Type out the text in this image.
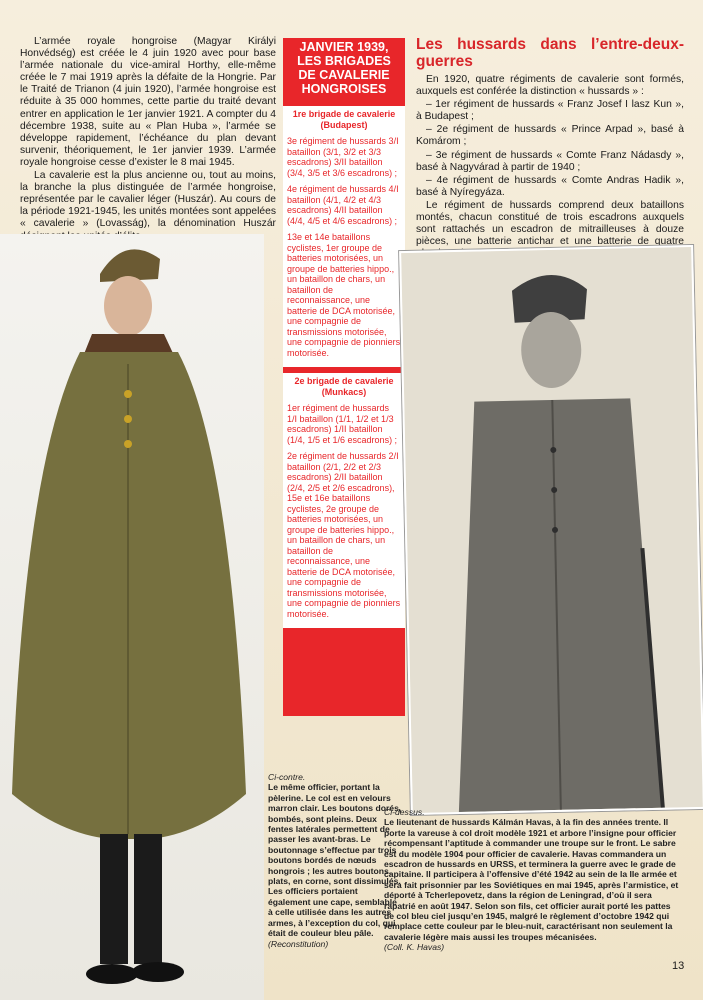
L’armée royale hongroise (Magyar Királyi Honvédség) est créée le 4 juin 1920 avec pour base l’armée nationale du vice-amiral Horthy, elle-même créée le 7 mai 1919 après la défaite de la Hongrie. Par le Traité de Trianon (4 juin 1920), l’armée hongroise est réduite à 35 000 hommes, cette partie du traité devant entrer en application le 1er janvier 1921. A compter du 4 décembre 1938, suite au « Plan Huba », l’armée se développe rapidement, l’échéance du plan devant survenir, théoriquement, le 1er janvier 1939. L’armée royale hongroise cesse d’exister le 8 mai 1945.

La cavalerie est la plus ancienne ou, tout au moins, la branche la plus distinguée de l’armée hongroise, représentée par le cavalier léger (Huszár). Au cours de la période 1921-1945, les unités montées sont appelées « cavalerie » (Lovasság), la dénomination Huszár

JANVIER 1939, LES BRIGADES DE CAVALERIE HONGROISES
1re brigade de cavalerie (Budapest)
3e régiment de hussards 3/I bataillon (3/1, 3/2 et 3/3 escadrons) 3/II bataillon (3/4, 3/5 et 3/6 escadrons) ;
4e régiment de hussards 4/I bataillon (4/1, 4/2 et 4/3 escadrons) 4/II bataillon (4/4, 4/5 et 4/6 escadrons) ;
13e et 14e bataillons cyclistes, 1er groupe de batteries motorisées, un groupe de batteries hippo., un bataillon de chars, un bataillon de reconnaissance, une batterie de DCA motorisée, une compagnie de transmissions motorisée, une compagnie de pionniers motorisée.
2e brigade de cavalerie (Munkacs)
1er régiment de hussards 1/I bataillon (1/1, 1/2 et 1/3 escadrons) 1/II bataillon (1/4, 1/5 et 1/6 escadrons) ;
2e régiment de hussards 2/I bataillon (2/1, 2/2 et 2/3 escadrons) 2/II bataillon (2/4, 2/5 et 2/6 escadrons), 15e et 16e bataillons cyclistes, 2e groupe de batteries motorisées, un groupe de batteries hippo., un bataillon de chars, un bataillon de reconnaissance, une batterie de DCA motorisée, une compagnie de transmissions motorisée, une compagnie de pionniers motorisée.
Les hussards dans l’entre-deux-guerres

En 1920, quatre régiments de cavalerie sont formés, auxquels est conférée la distinction « hussards » :

– 1er régiment de hussards « Franz Josef I lasz Kun », à Budapest ;

– 2e régiment de hussards « Prince Arpad », basé à Komárom ;

– 3e régiment de hussards « Comte Franz Nádasdy », basé à Nagyvárad à partir de 1940 ;

– 4e régiment de hussards « Comte Andras Hadik », basé à Nyíregyáza.

Le régiment de hussards comprend deux bataillons montés, chacun constitué de trois escadrons auxquels sont rattachés un escadron de mitrailleuses à douze pièces, une batterie antichar et une batterie de quatre

Ci-contre.
Le même officier, portant la pèlerine. Le col est en velours marron clair. Les boutons dorés, bombés, sont pleins. Deux fentes latérales permettent de passer les avant-bras. Le boutonnage s’effectue par trois boutons bordés de nœuds hongrois ; les autres boutons, plats, en corne, sont dissimulés. Les officiers portaient également une cape, semblable à celle utilisée dans les autres armes, à l’exception du col, qui était de couleur bleu pâle.
(Reconstitution)
Ci-dessus.
Le lieutenant de hussards Kálmán Havas, à la fin des années trente. Il porte la vareuse à col droit modèle 1921 et arbore l’insigne pour officier récompensant l’aptitude à commander une troupe sur le front. Le sabre est du modèle 1904 pour officier de cavalerie. Havas commandera un escadron de hussards en URSS, et terminera la guerre avec le grade de capitaine. Il participera à l’offensive d’été 1942 au sein de la IIe armée et sera fait prisonnier par les Soviétiques en mai 1945, après l’armistice, et déporté à Tcherlepovetz, dans la région de Leningrad, d’où il sera rapatrié en août 1947. Selon son fils, cet officier aurait porté les pattes de col bleu ciel jusqu’en 1945, malgré le règlement d’octobre 1942 qui remplace cette couleur par le bleu-nuit, caractérisant non seulement la cavalerie légère mais aussi les troupes mécanisées.
(Coll. K. Havas)
13
